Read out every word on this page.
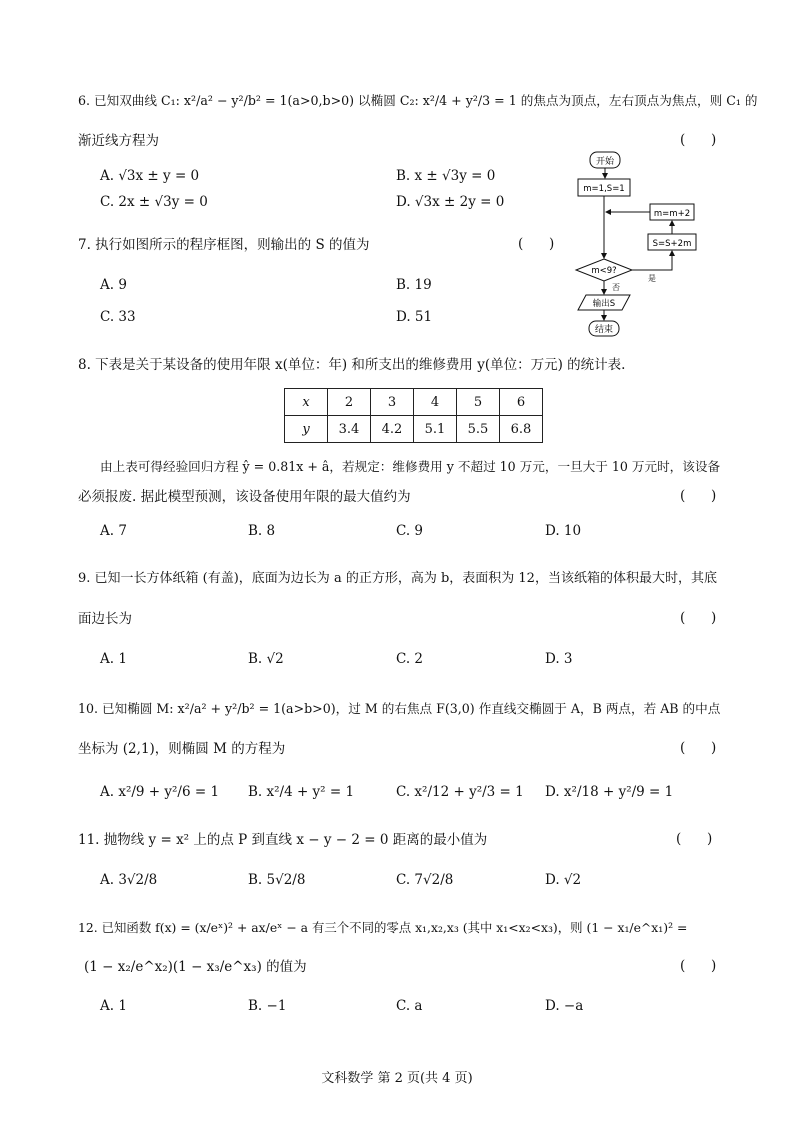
6. 已知双曲线 C₁: x²/a² − y²/b² = 1(a>0,b>0) 以椭圆 C₂: x²/4 + y²/3 = 1 的焦点为顶点，左右顶点为焦点，则 C₁ 的
渐近线方程为	(      )
A. √3x ± y = 0	B. x ± √3y = 0
C. 2x ± √3y = 0	D. √3x ± 2y = 0
开始
m=1,S=1
m=m+2
S=S+2m
m<9?
是
否
输出S
结束
7. 执行如图所示的程序框图，则输出的 S 的值为	(      )
A. 9	B. 19
C. 33	D. 51
8. 下表是关于某设备的使用年限 x(单位：年) 和所支出的维修费用 y(单位：万元) 的统计表.
x	2	3	4	5	6
y	3.4	4.2	5.1	5.5	6.8
由上表可得经验回归方程 ŷ = 0.81x + â，若规定：维修费用 y 不超过 10 万元，一旦大于 10 万元时，该设备
必须报废. 据此模型预测，该设备使用年限的最大值约为	(      )
A. 7	B. 8	C. 9	D. 10
9. 已知一长方体纸箱 (有盖)，底面为边长为 a 的正方形，高为 b，表面积为 12，当该纸箱的体积最大时，其底
面边长为	(      )
A. 1	B. √2	C. 2	D. 3
10. 已知椭圆 M: x²/a² + y²/b² = 1(a>b>0)，过 M 的右焦点 F(3,0) 作直线交椭圆于 A，B 两点，若 AB 的中点
坐标为 (2,1)，则椭圆 M 的方程为	(      )
A. x²/9 + y²/6 = 1 B. x²/4 + y² = 1	C. x²/12 + y²/3 = 1 D. x²/18 + y²/9 = 1
11. 抛物线 y = x² 上的点 P 到直线 x − y − 2 = 0 距离的最小值为	(      )
A. 3√2/8	B. 5√2/8	C. 7√2/8	D. √2
12. 已知函数 f(x) = (x/eˣ)² + ax/eˣ − a 有三个不同的零点 x₁,x₂,x₃ (其中 x₁<x₂<x₃)，则 (1 − x₁/e^x₁)² =
(1 − x₂/e^x₂)(1 − x₃/e^x₃) 的值为	(      )
A. 1	B. −1	C. a	D. −a
文科数学 第 2 页(共 4 页)
